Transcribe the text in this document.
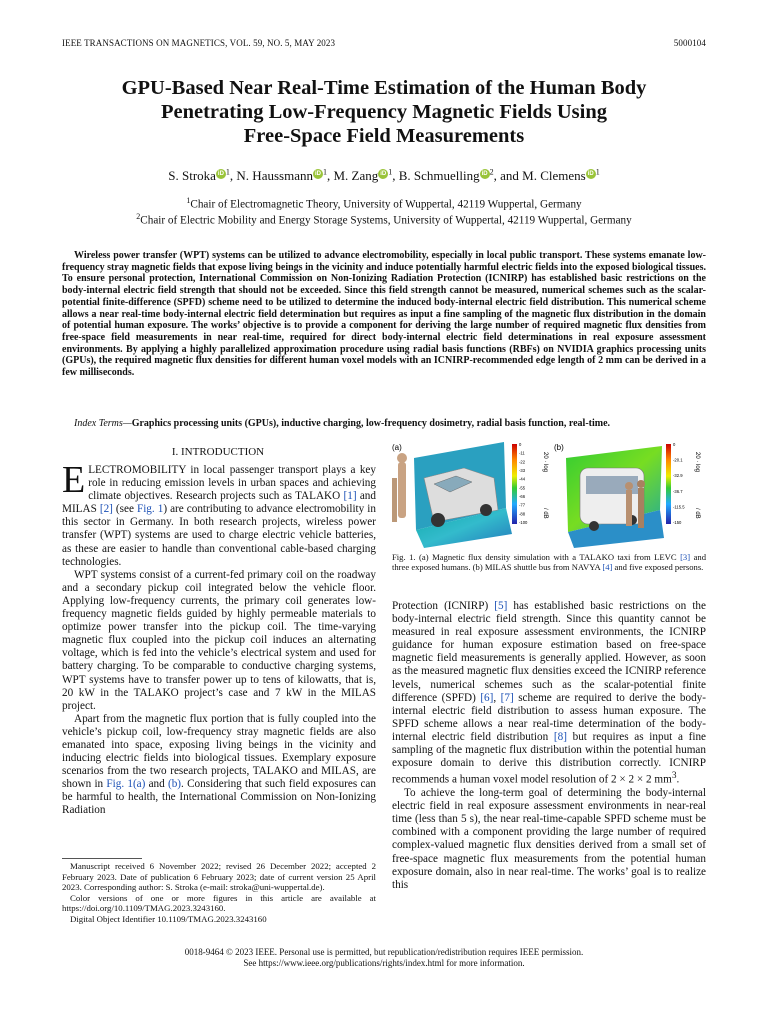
IEEE TRANSACTIONS ON MAGNETICS, VOL. 59, NO. 5, MAY 2023	5000104
GPU-Based Near Real-Time Estimation of the Human Body
Penetrating Low-Frequency Magnetic Fields Using
Free-Space Field Measurements
S. Stroka iD $^1$, N. Haussmann iD $^1$, M. Zang iD $^1$, B. Schmuelling iD $^2$, and M. Clemens iD $^1$
$^1$Chair of Electromagnetic Theory, University of Wuppertal, 42119 Wuppertal, Germany
$^2$Chair of Electric Mobility and Energy Storage Systems, University of Wuppertal, 42119 Wuppertal, Germany
Wireless power transfer (WPT) systems can be utilized to advance electromobility, especially in local public transport. These systems emanate low-frequency stray magnetic fields that expose living beings in the vicinity and induce potentially harmful electric fields into the exposed biological tissues. To ensure personal protection, International Commission on Non-Ionizing Radiation Protection (ICNIRP) has established basic restrictions on the body-internal electric field strength that should not be exceeded. Since this field strength cannot be measured, numerical schemes such as the scalar-potential finite-difference (SPFD) scheme need to be utilized to determine the induced body-internal electric field distribution. This numerical scheme allows a near real-time body-internal electric field determination but requires as input a fine sampling of the magnetic flux distribution in the domain of potential human exposure. The works’ objective is to provide a component for deriving the large number of required magnetic flux densities from free-space field measurements in near real-time, required for direct body-internal electric field determinations in real exposure assessment environments. By applying a highly parallelized approximation procedure using radial basis functions (RBFs) on NVIDIA graphics processing units (GPUs), the required magnetic flux densities for different human voxel models with an ICNIRP-recommended edge length of 2 mm can be derived in a few milliseconds.
Index Terms—Graphics processing units (GPUs), inductive charging, low-frequency dosimetry, radial basis function, real-time.
I. INTRODUCTION

ELECTROMOBILITY in local passenger transport plays a key role in reducing emission levels in urban spaces and achieving climate objectives. Research projects such as TALAKO [1] and MILAS [2] (see Fig. 1) are contributing to advance electromobility in this sector in Germany. In both research projects, wireless power transfer (WPT) systems are used to charge electric vehicle batteries, as these are easier to handle than conventional cable-based charging technologies.

WPT systems consist of a current-fed primary coil on the roadway and a secondary pickup coil integrated below the vehicle floor. Applying low-frequency currents, the primary coil generates low-frequency magnetic fields guided by highly permeable materials to optimize power transfer into the pickup coil. The time-varying magnetic flux coupled into the pickup coil induces an alternating voltage, which is fed into the vehicle’s electrical system and used for battery charging. To be comparable to conductive charging systems, WPT systems have to transfer power up to tens of kilowatts, that is, 20 kW in the TALAKO project’s case and 7 kW in the MILAS project.

Apart from the magnetic flux portion that is fully coupled into the vehicle’s pickup coil, low-frequency stray magnetic fields are also emanated into space, exposing living beings in the vicinity and inducing electric fields into biological tissues. Exemplary exposure scenarios from the two research projects, TALAKO and MILAS, are shown in Fig. 1(a) and (b). Considering that such field exposures can be harmful to health, the International Commission on Non-Ionizing Radiation

Manuscript received 6 November 2022; revised 26 December 2022; accepted 2 February 2023. Date of publication 6 February 2023; date of current version 25 April 2023. Corresponding author: S. Stroka (e-mail: stroka@uni-wuppertal.de).

Color versions of one or more figures in this article are available at https://doi.org/10.1109/TMAG.2023.3243160.

Digital Object Identifier 10.1109/TMAG.2023.3243160

(a)	0
-11
-22
-33
-44
-55
-66
-77
-88
-100
20 · log
/ dB
(b)	0
-20.1
-32.9
-36.7
-115.5
-150
20 · log
/ dB
Fig. 1. (a) Magnetic flux density simulation with a TALAKO taxi from LEVC [3] and three exposed humans. (b) MILAS shuttle bus from NAVYA [4] and five exposed persons.

Protection (ICNIRP) [5] has established basic restrictions on the body-internal electric field strength. Since this quantity cannot be measured in real exposure assessment environments, the ICNIRP guidance for human exposure estimation based on free-space magnetic field measurements is generally applied. However, as soon as the measured magnetic flux densities exceed the ICNIRP reference levels, numerical schemes such as the scalar-potential finite difference (SPFD) [6], [7] scheme are required to derive the body-internal electric field distribution to assess human exposure. The SPFD scheme allows a near real-time determination of the body-internal electric field distribution [8] but requires as input a fine sampling of the magnetic flux distribution within the potential human exposure domain to derive this distribution correctly. ICNIRP recommends a human voxel model resolution of 2 × 2 × 2 $mm^3$.

To achieve the long-term goal of determining the body-internal electric field in real exposure assessment environments in near-real time (less than 5 s), the near real-time-capable SPFD scheme must be combined with a component providing the large number of required complex-valued magnetic flux densities derived from a small set of free-space magnetic flux measurements from the potential human exposure domain, also in near real-time. The works’ goal is to realize this

0018-9464 © 2023 IEEE. Personal use is permitted, but republication/redistribution requires IEEE permission.
See https://www.ieee.org/publications/rights/index.html for more information.
